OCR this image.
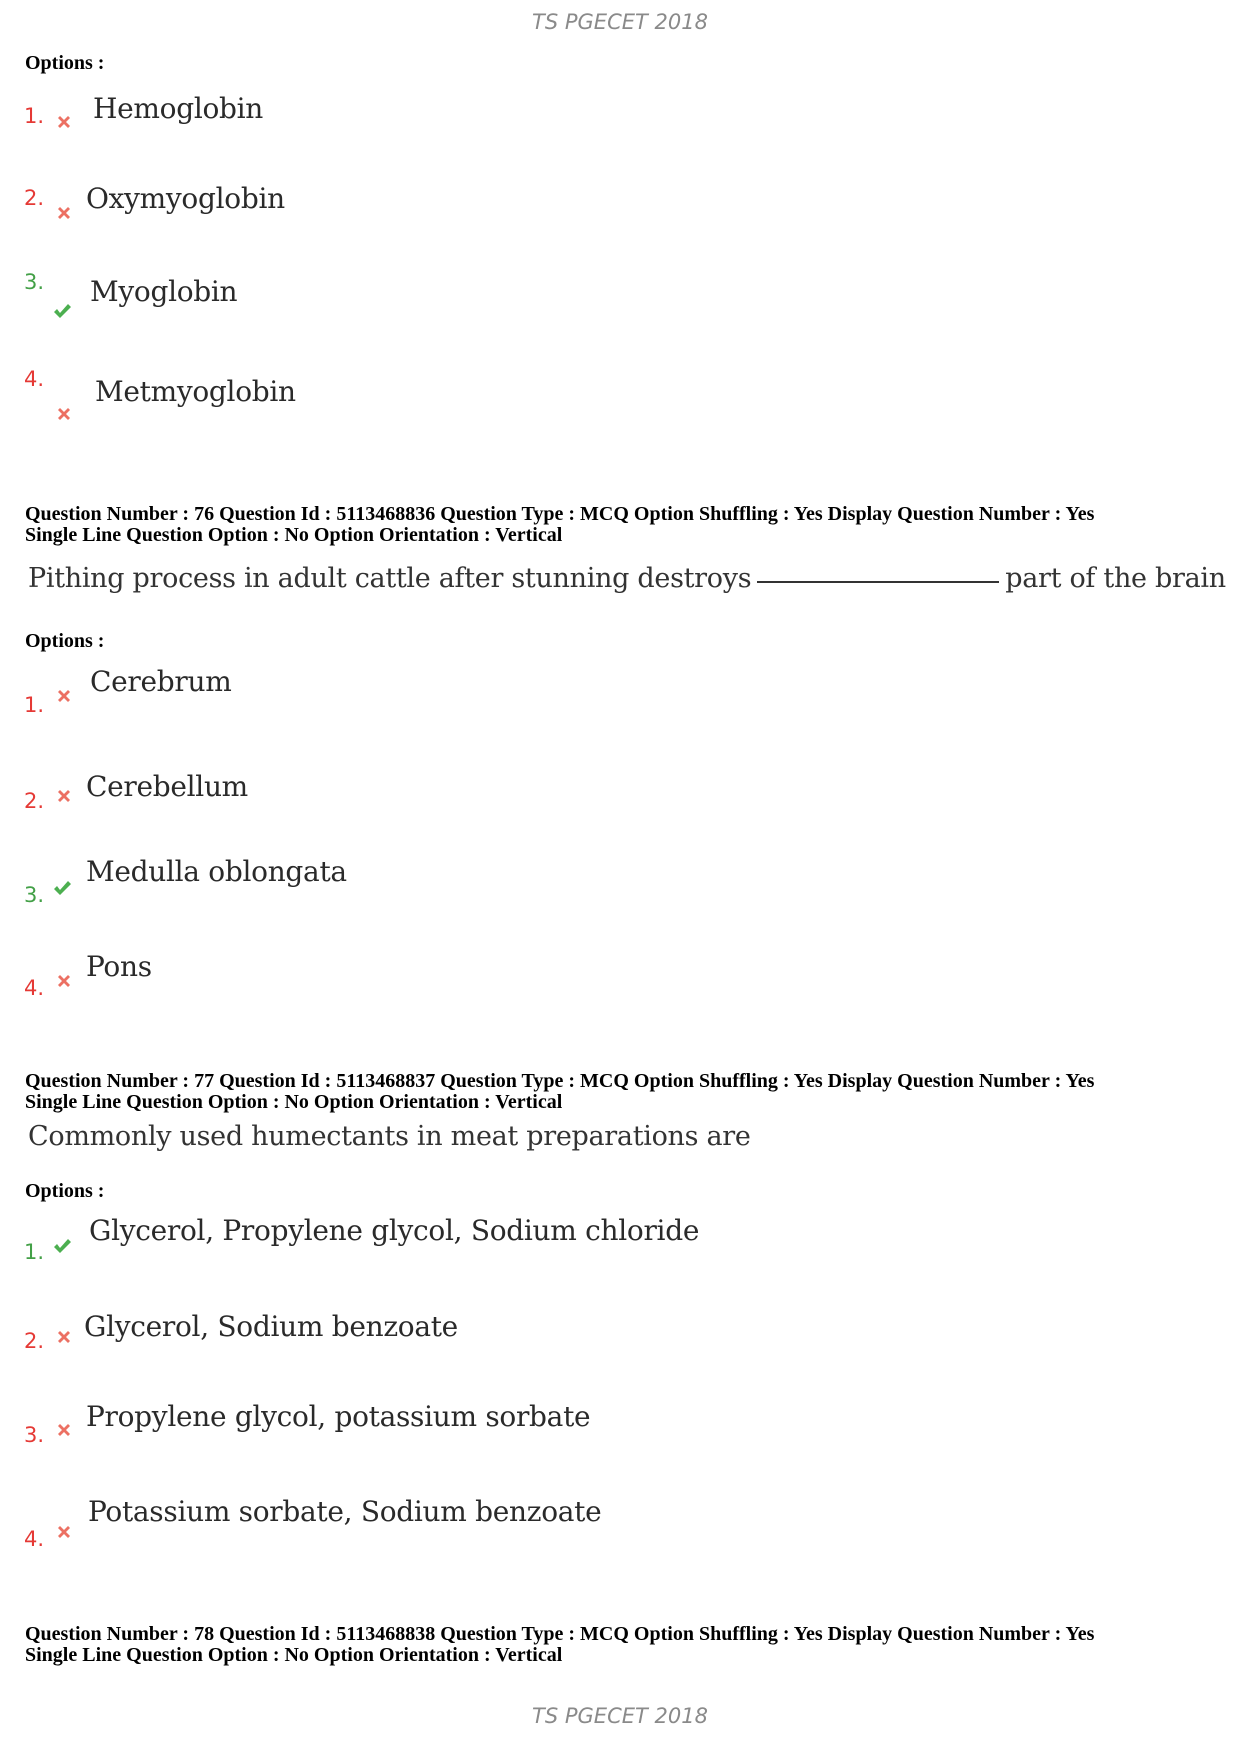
TS PGECET 2018
Options :
1. Hemoglobin
2. Oxymyoglobin
3. Myoglobin
4. Metmyoglobin
Question Number : 76 Question Id : 5113468836 Question Type : MCQ Option Shuffling : Yes Display Question Number : Yes
Single Line Question Option : No Option Orientation : Vertical
Pithing process in adult cattle after stunning destroys	part of the brain
Options :
1.
Cerebrum
2. Cerebellum
3.
Medulla oblongata
4.
Pons
Question Number : 77 Question Id : 5113468837 Question Type : MCQ Option Shuffling : Yes Display Question Number : Yes
Single Line Question Option : No Option Orientation : Vertical
Commonly used humectants in meat preparations are
Options :
1.
Glycerol, Propylene glycol, Sodium chloride
2. Glycerol, Sodium benzoate
3.
Propylene glycol, potassium sorbate
4.
Potassium sorbate, Sodium benzoate
Question Number : 78 Question Id : 5113468838 Question Type : MCQ Option Shuffling : Yes Display Question Number : Yes
Single Line Question Option : No Option Orientation : Vertical
TS PGECET 2018
